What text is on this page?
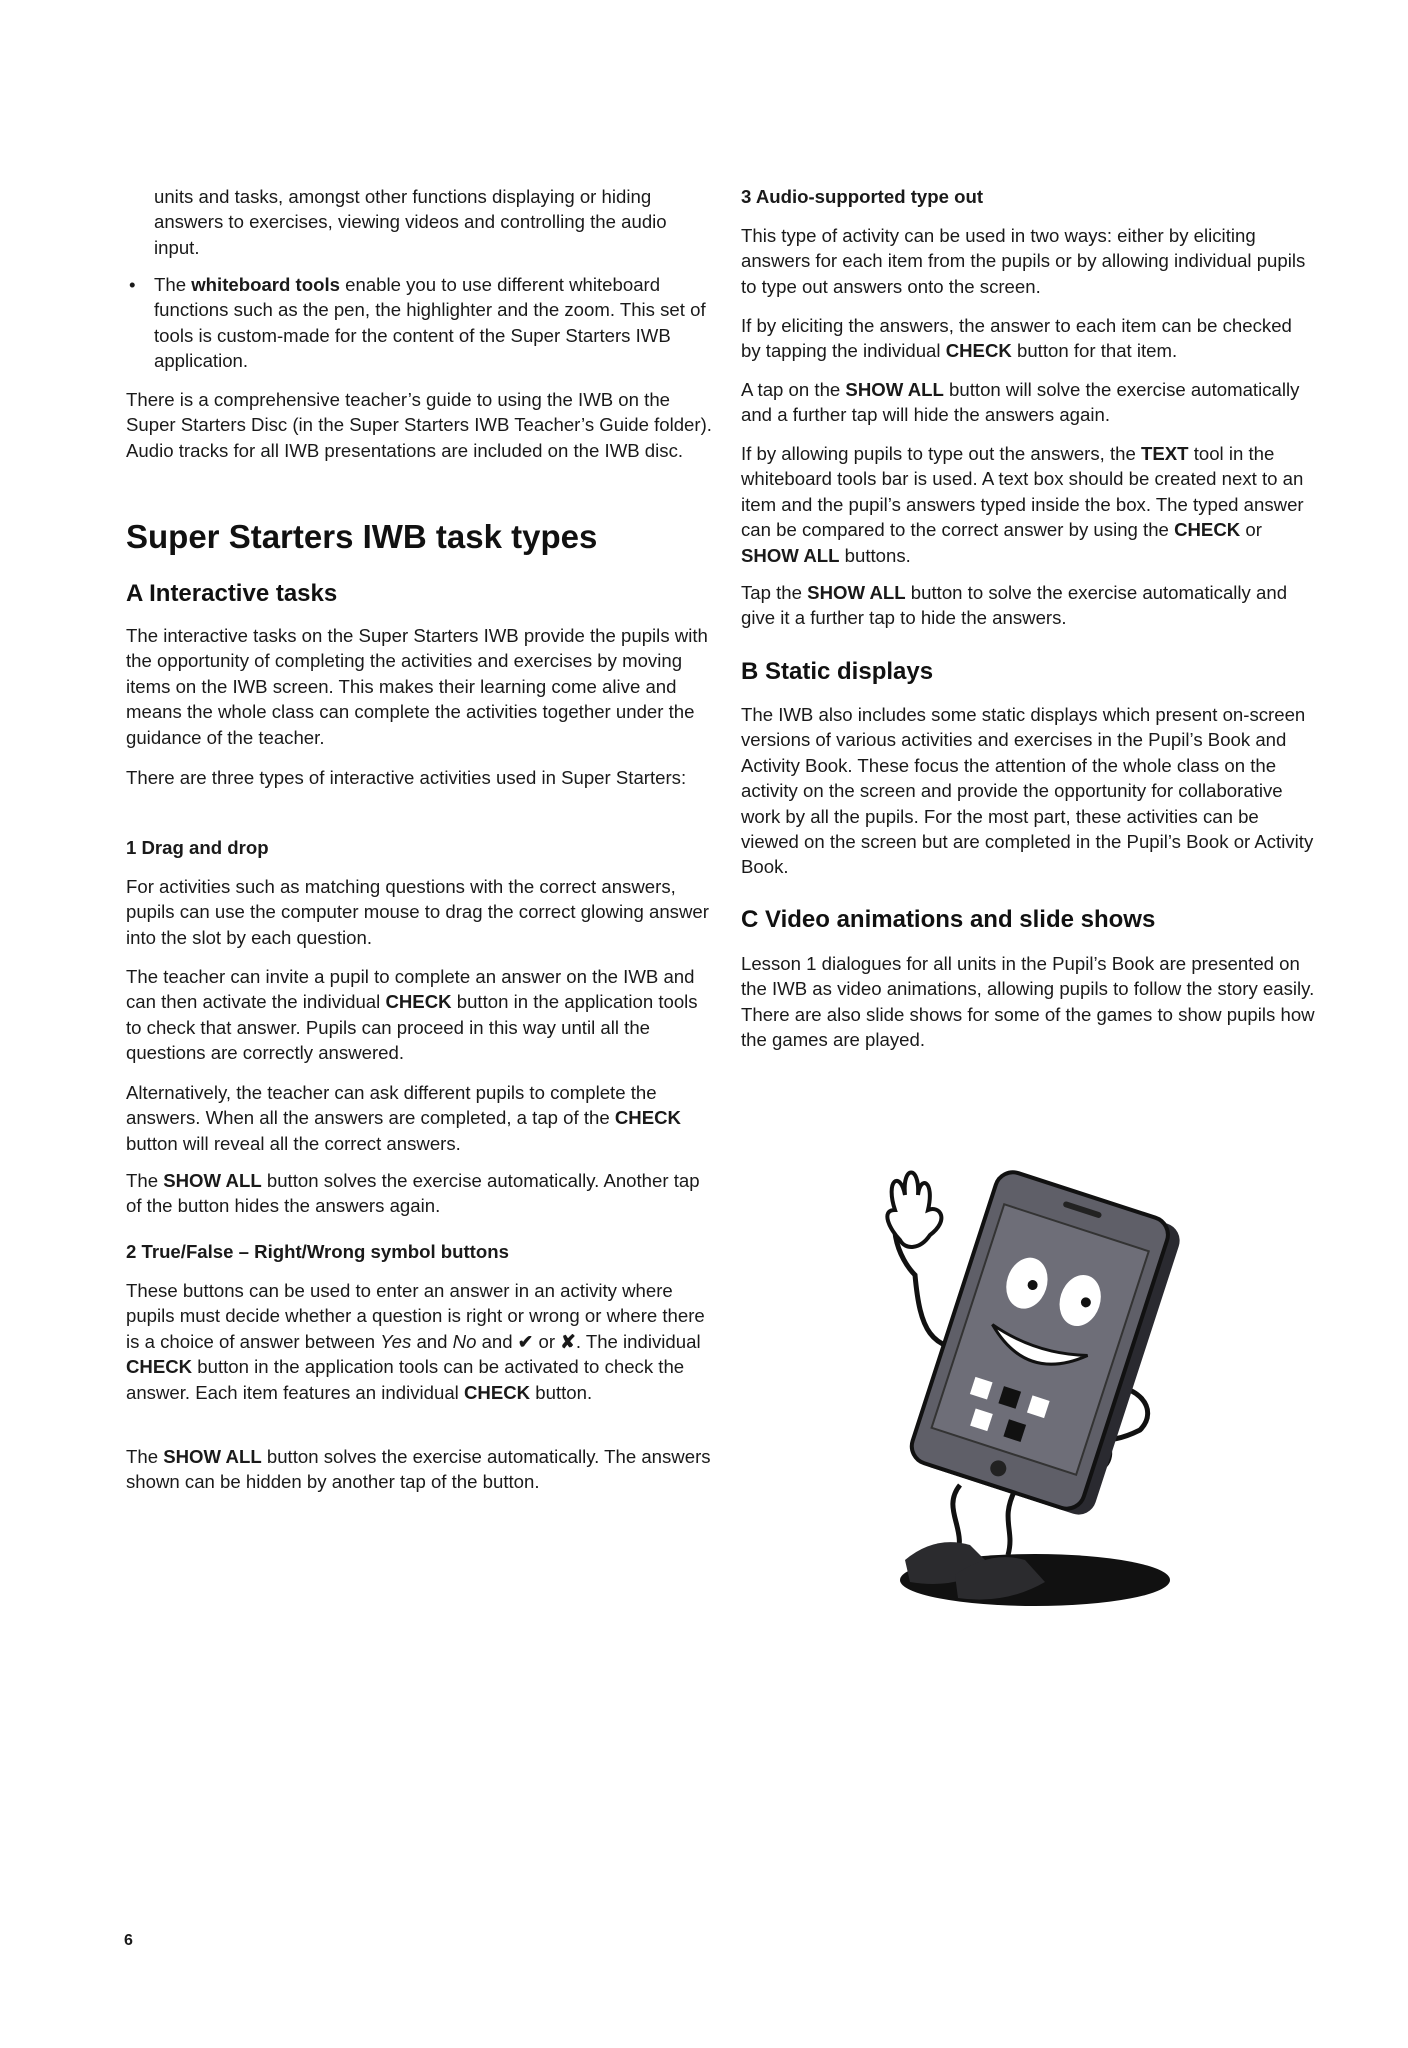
units and tasks, amongst other functions displaying or hiding answers to exercises, viewing videos and controlling the audio input.

• The whiteboard tools enable you to use different whiteboard functions such as the pen, the highlighter and the zoom. This set of tools is custom-made for the content of the Super Starters IWB application.

There is a comprehensive teacher’s guide to using the IWB on the Super Starters Disc (in the Super Starters IWB Teacher’s Guide folder). Audio tracks for all IWB presentations are included on the IWB disc.

Super Starters IWB task types
A Interactive tasks

The interactive tasks on the Super Starters IWB provide the pupils with the opportunity of completing the activities and exercises by moving items on the IWB screen. This makes their learning come alive and means the whole class can complete the activities together under the guidance of the teacher.

There are three types of interactive activities used in Super Starters:

1 Drag and drop

For activities such as matching questions with the correct answers, pupils can use the computer mouse to drag the correct glowing answer into the slot by each question.

The teacher can invite a pupil to complete an answer on the IWB and can then activate the individual CHECK button in the application tools to check that answer. Pupils can proceed in this way until all the questions are correctly answered.

Alternatively, the teacher can ask different pupils to complete the answers. When all the answers are completed, a tap of the CHECK button will reveal all the correct answers.

The SHOW ALL button solves the exercise automatically. Another tap of the button hides the answers again.

2 True/False – Right/Wrong symbol buttons

These buttons can be used to enter an answer in an activity where pupils must decide whether a question is right or wrong or where there is a choice of answer between Yes and No and ✔ or ✘. The individual CHECK button in the application tools can be activated to check the answer. Each item features an individual CHECK button.

The SHOW ALL button solves the exercise automatically. The answers shown can be hidden by another tap of the button.

3 Audio-supported type out

This type of activity can be used in two ways: either by eliciting answers for each item from the pupils or by allowing individual pupils to type out answers onto the screen.

If by eliciting the answers, the answer to each item can be checked by tapping the individual CHECK button for that item.

A tap on the SHOW ALL button will solve the exercise automatically and a further tap will hide the answers again.

If by allowing pupils to type out the answers, the TEXT tool in the whiteboard tools bar is used. A text box should be created next to an item and the pupil’s answers typed inside the box. The typed answer can be compared to the correct answer by using the CHECK or SHOW ALL buttons.

Tap the SHOW ALL button to solve the exercise automatically and give it a further tap to hide the answers.

B Static displays

The IWB also includes some static displays which present on-screen versions of various activities and exercises in the Pupil’s Book and Activity Book. These focus the attention of the whole class on the activity on the screen and provide the opportunity for collaborative work by all the pupils. For the most part, these activities can be viewed on the screen but are completed in the Pupil’s Book or Activity Book.

C Video animations and slide shows

Lesson 1 dialogues for all units in the Pupil’s Book are presented on the IWB as video animations, allowing pupils to follow the story easily. There are also slide shows for some of the games to show pupils how the games are played.

6
